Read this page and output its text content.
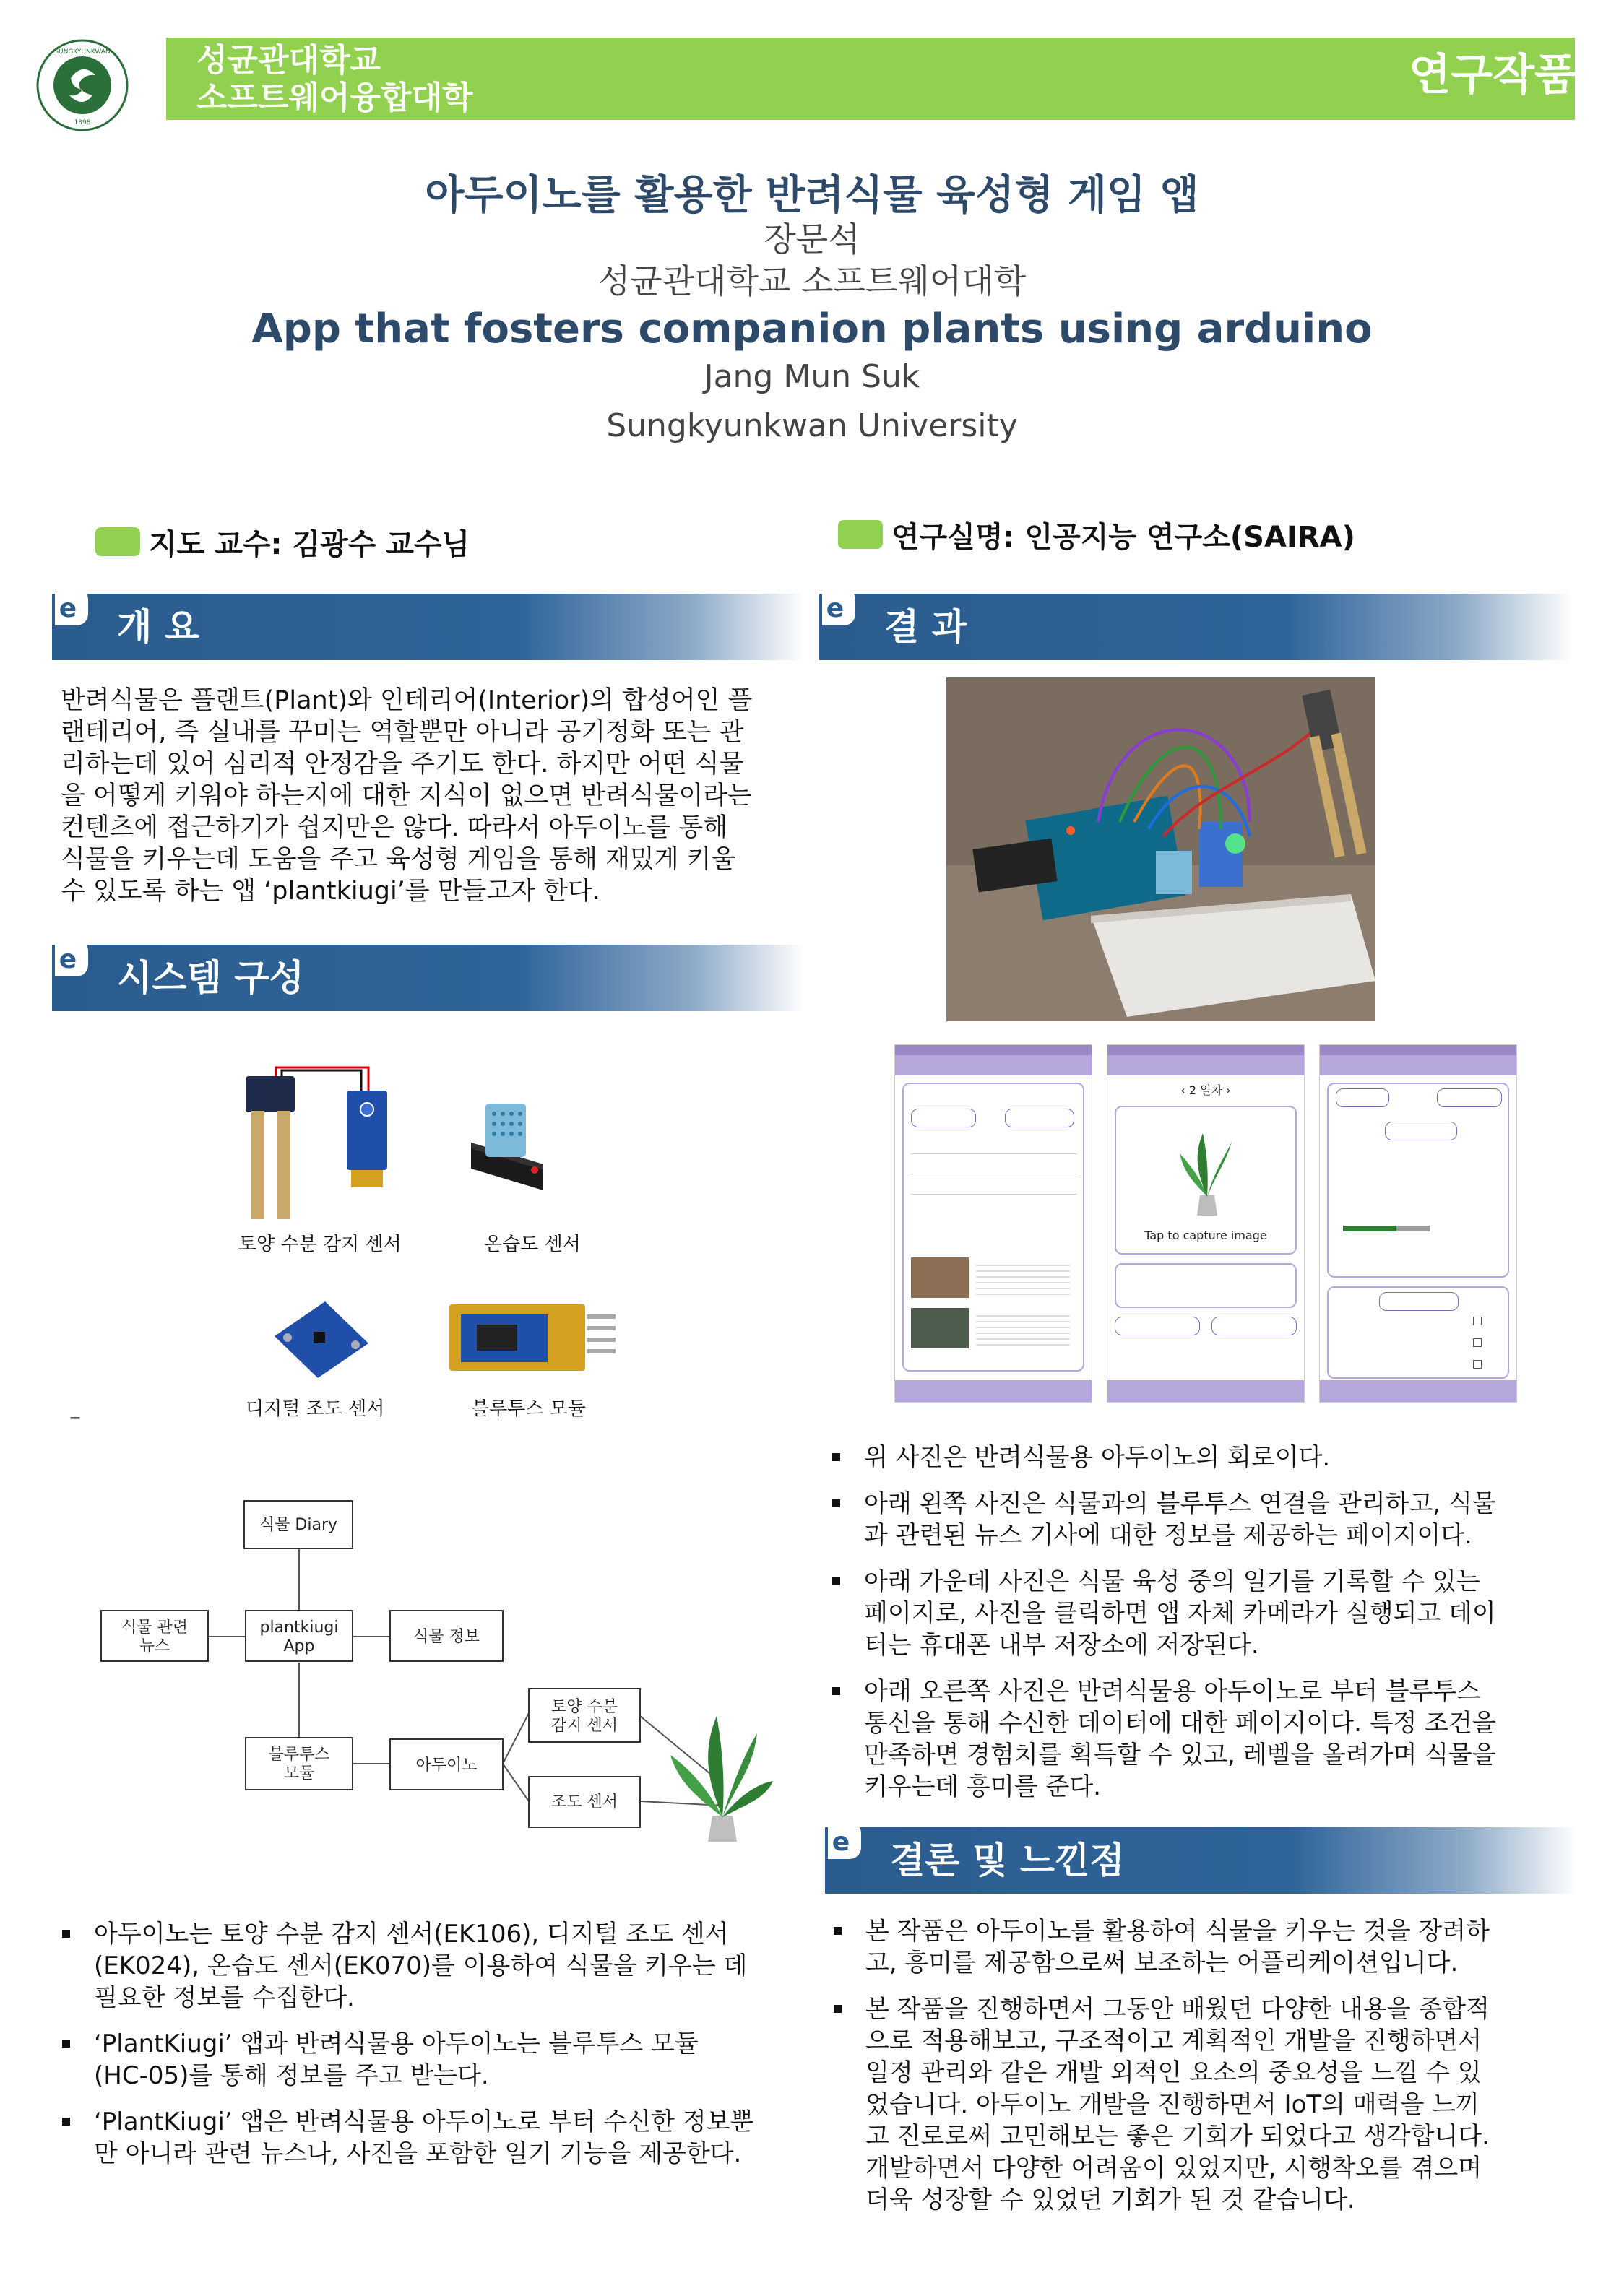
SUNGKYUNKWAN
1398
성균관대학교
소프트웨어융합대학	연구작품
아두이노를 활용한 반려식물 육성형 게임 앱
장문석
성균관대학교 소프트웨어대학
App that fosters companion plants using arduino
Jang Mun Suk
Sungkyunkwan University
지도 교수: 김광수 교수님	연구실명: 인공지능 연구소(SAIRA)
e 개 요
반려식물은 플랜트(Plant)와 인테리어(Interior)의 합성어인 플
랜테리어, 즉 실내를 꾸미는 역할뿐만 아니라 공기정화 또는 관
리하는데 있어 심리적 안정감을 주기도 한다. 하지만 어떤 식물
을 어떻게 키워야 하는지에 대한 지식이 없으면 반려식물이라는
컨텐츠에 접근하기가 쉽지만은 않다. 따라서 아두이노를 통해
식물을 키우는데 도움을 주고 육성형 게임을 통해 재밌게 키울
수 있도록 하는 앱 ‘plantkiugi’를 만들고자 한다.
e 시스템 구성
토양 수분 감지 센서	온습도 센서
디지털 조도 센서	블루투스 모듈
–
식물 Diary
식물 관련
뉴스
plantkiugi
App
식물 정보
블루투스
모듈	아두이노
토양 수분
감지 센서
조도 센서
아두이노는 토양 수분 감지 센서(EK106), 디지털 조도 센서
(EK024), 온습도 센서(EK070)를 이용하여 식물을 키우는 데
필요한 정보를 수집한다.
‘PlantKiugi’ 앱과 반려식물용 아두이노는 블루투스 모듈
(HC-05)를 통해 정보를 주고 받는다.
‘PlantKiugi’ 앱은 반려식물용 아두이노로 부터 수신한 정보뿐
만 아니라 관련 뉴스나, 사진을 포함한 일기 기능을 제공한다.
e 결 과
‹ 2 일차 ›
Tap to capture image
위 사진은 반려식물용 아두이노의 회로이다.
아래 왼쪽 사진은 식물과의 블루투스 연결을 관리하고, 식물
과 관련된 뉴스 기사에 대한 정보를 제공하는 페이지이다.
아래 가운데 사진은 식물 육성 중의 일기를 기록할 수 있는
페이지로, 사진을 클릭하면 앱 자체 카메라가 실행되고 데이
터는 휴대폰 내부 저장소에 저장된다.
아래 오른쪽 사진은 반려식물용 아두이노로 부터 블루투스
통신을 통해 수신한 데이터에 대한 페이지이다. 특정 조건을
만족하면 경험치를 획득할 수 있고, 레벨을 올려가며 식물을
키우는데 흥미를 준다.
e 결론 및 느낀점
본 작품은 아두이노를 활용하여 식물을 키우는 것을 장려하
고, 흥미를 제공함으로써 보조하는 어플리케이션입니다.
본 작품을 진행하면서 그동안 배웠던 다양한 내용을 종합적
으로 적용해보고, 구조적이고 계획적인 개발을 진행하면서
일정 관리와 같은 개발 외적인 요소의 중요성을 느낄 수 있
었습니다. 아두이노 개발을 진행하면서 IoT의 매력을 느끼
고 진로로써 고민해보는 좋은 기회가 되었다고 생각합니다.
개발하면서 다양한 어려움이 있었지만, 시행착오를 겪으며
더욱 성장할 수 있었던 기회가 된 것 같습니다.
